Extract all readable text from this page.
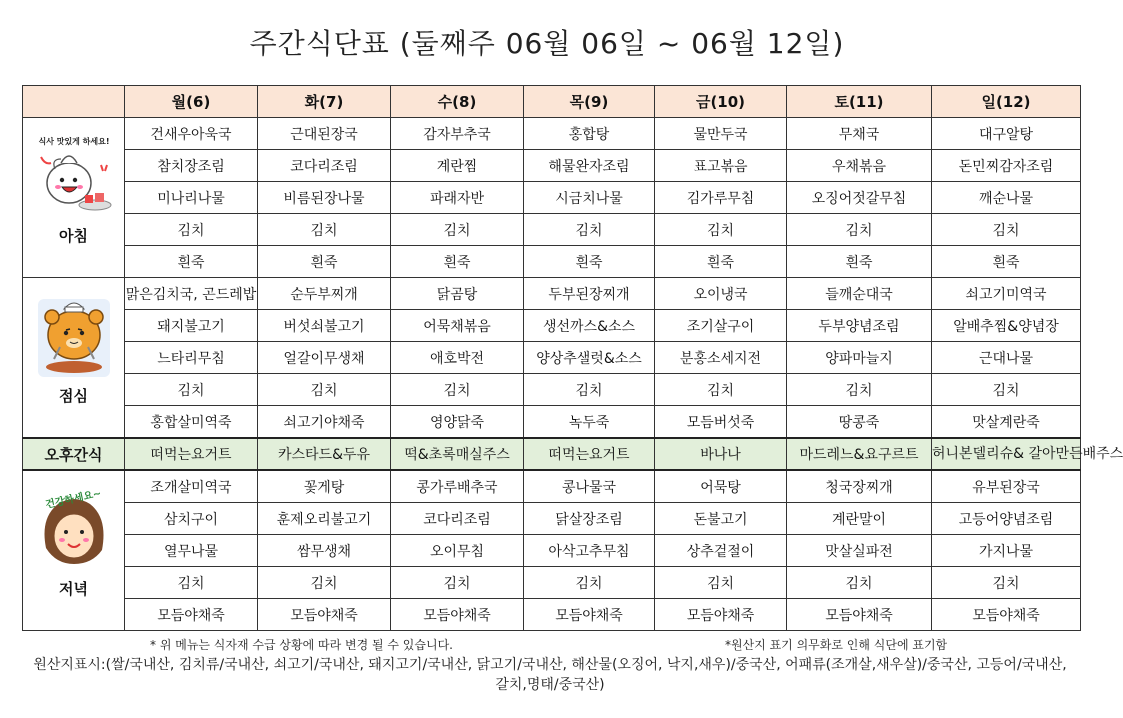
주간식단표 (둘째주 06월 06일 ~ 06월 12일)
	월(6)	화(7)	수(8)	목(9)	금(10)	토(11)	일(12)

식사 맛있게 하세요!
아침	건새우아욱국	근대된장국	감자부추국	홍합탕	물만두국	무채국	대구알탕
	참치장조림	코다리조림	계란찜	해물완자조림	표고볶음	우채볶음	돈민찌감자조림
	미나리나물	비름된장나물	파래자반	시금치나물	김가루무침	오징어젓갈무침	깨순나물
	김치	김치	김치	김치	김치	김치	김치
	흰죽	흰죽	흰죽	흰죽	흰죽	흰죽	흰죽

점심	맑은김치국, 곤드레밥	순두부찌개	닭곰탕	두부된장찌개	오이냉국	들깨순대국	쇠고기미역국
	돼지불고기	버섯쇠불고기	어묵채볶음	생선까스&소스	조기살구이	두부양념조림	알배추찜&양념장
	느타리무침	얼갈이무생채	애호박전	양상추샐럿&소스	분홍소세지전	양파마늘지	근대나물
	김치	김치	김치	김치	김치	김치	김치
	홍합살미역죽	쇠고기야채죽	영양닭죽	녹두죽	모듬버섯죽	땅콩죽	맛살계란죽
오후간식	떠먹는요거트	카스타드&두유	떡&초록매실주스	떠먹는요거트	바나나	마드레느&요구르트	허니본델리슈& 갈아만든배주스

건강하세요~
저녁	조개살미역국	꽃게탕	콩가루배추국	콩나물국	어묵탕	청국장찌개	유부된장국
	삼치구이	훈제오리불고기	코다리조림	닭살장조림	돈불고기	계란말이	고등어양념조림
	열무나물	쌈무생채	오이무침	아삭고추무침	상추겉절이	맛살실파전	가지나물
	김치	김치	김치	김치	김치	김치	김치
	모듬야채죽	모듬야채죽	모듬야채죽	모듬야채죽	모듬야채죽	모듬야채죽	모듬야채죽
* 위 메뉴는 식자재 수급 상황에 따라 변경 될 수 있습니다.	*원산지 표기 의무화로 인해 식단에 표기함
원산지표시:(쌀/국내산, 김치류/국내산, 쇠고기/국내산, 돼지고기/국내산, 닭고기/국내산, 해산물(오징어, 낙지,새우)/중국산, 어패류(조개살,새우살)/중국산, 고등어/국내산, 갈치,명태/중국산)
